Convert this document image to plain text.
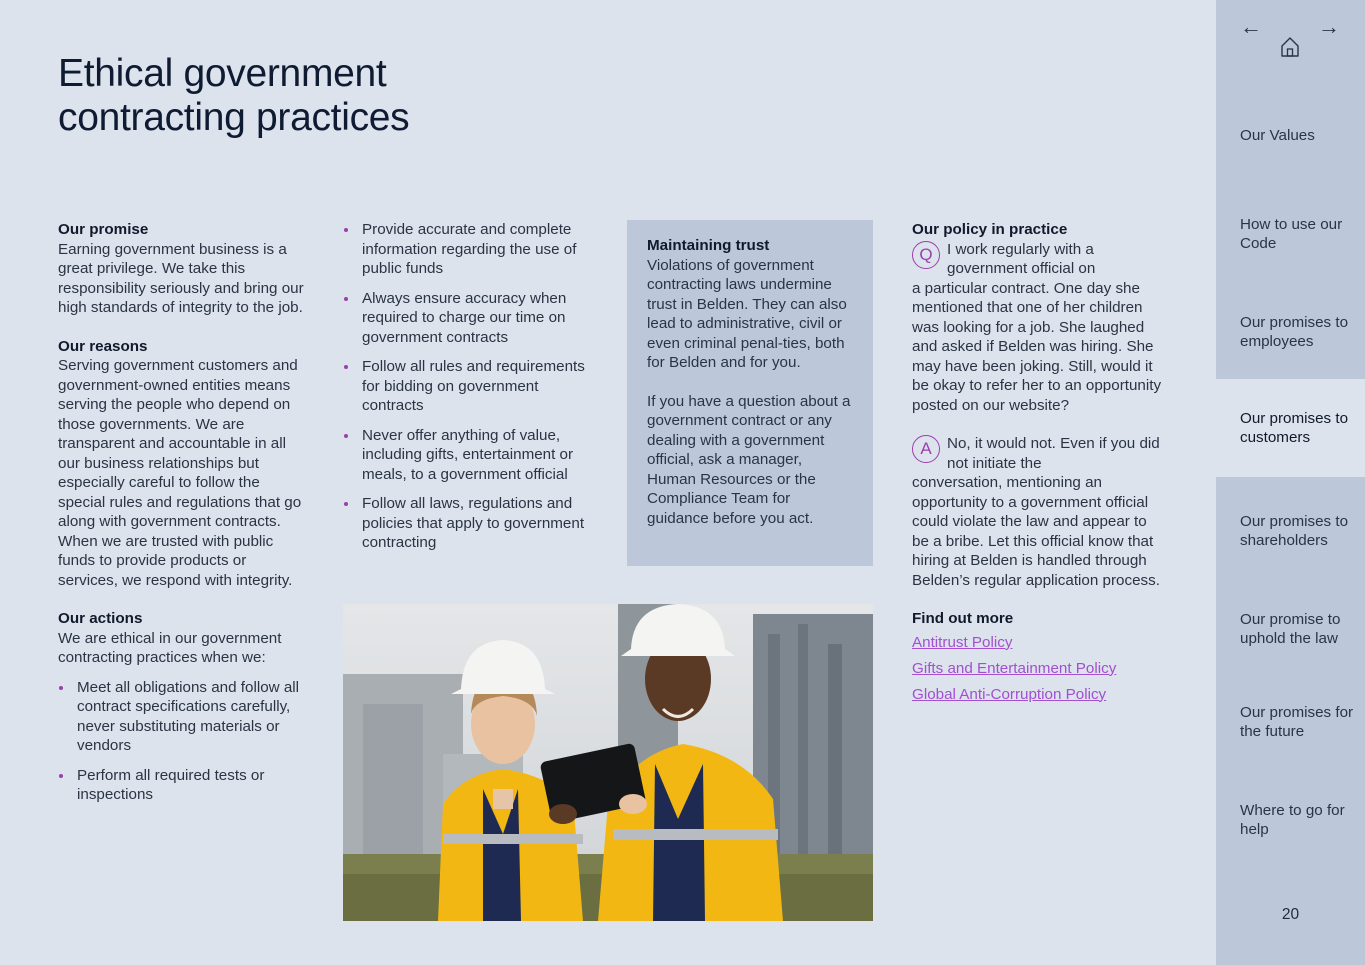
Ethical government contracting practices
Our promise

Earning government business is a great privilege. We take this responsibility seriously and bring our high standards of integrity to the job.

Our reasons

Serving government customers and government-owned entities means serving the people who depend on those governments. We are transparent and accountable in all our business relationships but especially careful to follow the special rules and regulations that go along with government contracts. When we are trusted with public funds to provide products or services, we respond with integrity.

Our actions

We are ethical in our government contracting practices when we:

Meet all obligations and follow all contract specifications carefully, never substituting materials or vendors
Perform all required tests or inspections
Provide accurate and complete information regarding the use of public funds
Always ensure accuracy when required to charge our time on government contracts
Follow all rules and requirements for bidding on government contracts
Never offer anything of value, including gifts, entertainment or meals, to a government official
Follow all laws, regulations and policies that apply to government contracting
Maintaining trust

Violations of government contracting laws undermine trust in Belden. They can also lead to administrative, civil or even criminal penal-ties, both for Belden and for you.

If you have a question about a government contract or any dealing with a government official, ask a manager, Human Resources or the Compliance Team for guidance before you act.

Our policy in practice
Q I work regularly with a government official on
a particular contract. One day she mentioned that one of her children was looking for a job. She laughed and asked if Belden was hiring. She may have been joking. Still, would it be okay to refer her to an opportunity posted on our website?
A	No, it would not. Even if you did not initiate the
conversation, mentioning an opportunity to a government official could violate the law and appear to be a bribe. Let this official know that hiring at Belden is handled through Belden’s regular application process.
Find out more
Antitrust Policy
Gifts and Entertainment Policy
Global Anti-Corruption Policy
←	→
Our Values
How to use our Code
Our promises to employees
Our promises to customers
Our promises to shareholders
Our promise to uphold the law
Our promises for the future
Where to go for help
20
